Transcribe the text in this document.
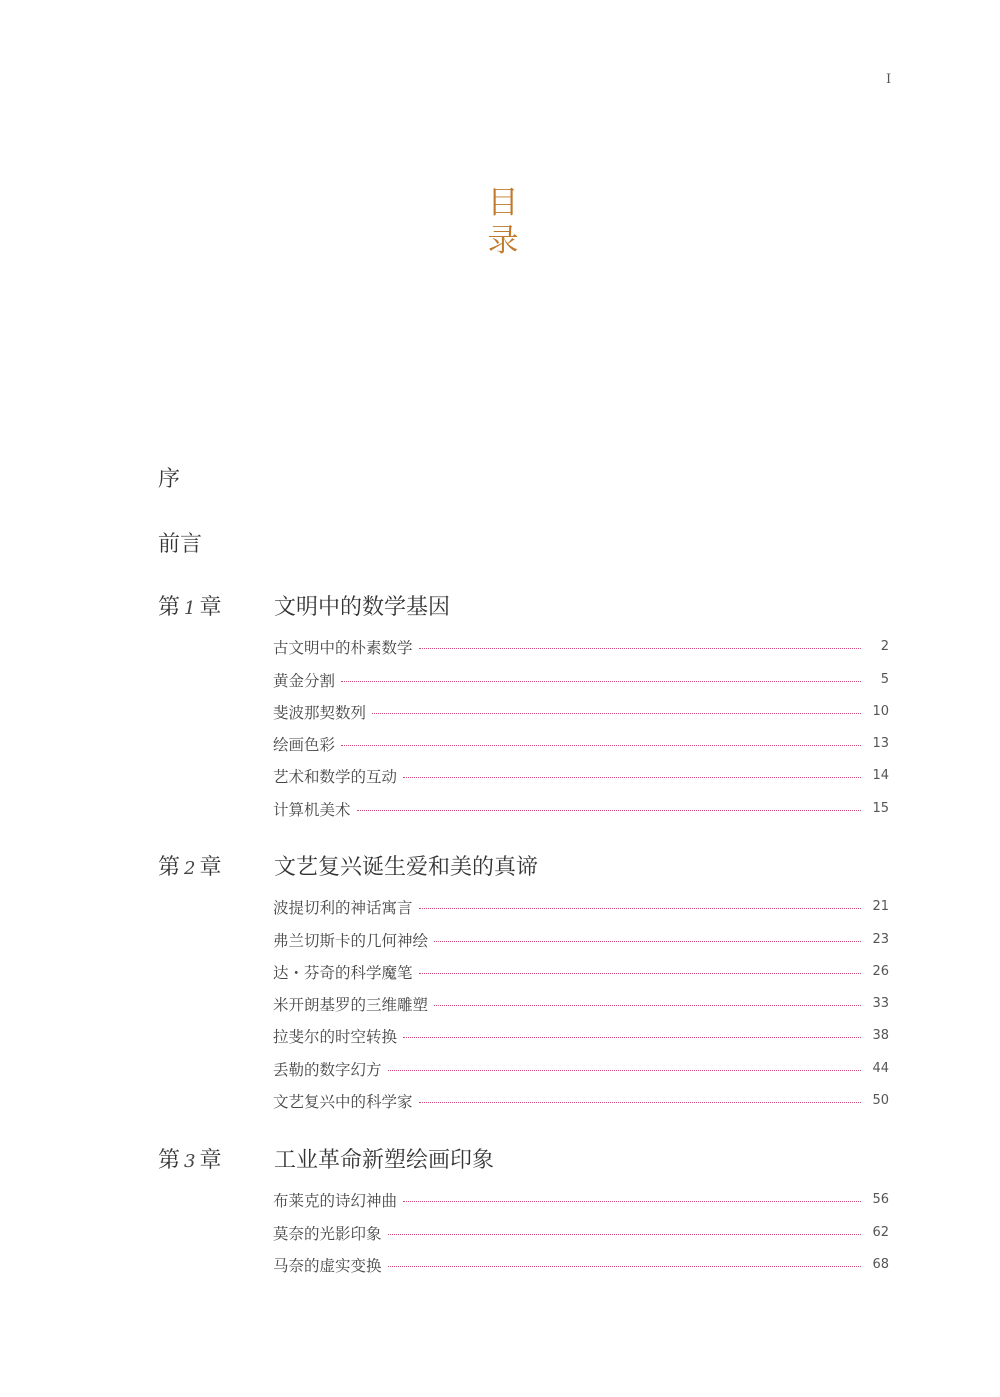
I
目
录
序
前言
第 1 章 文明中的数学基因
古文明中的朴素数学	2
黄金分割	5
斐波那契数列	10
绘画色彩	13
艺术和数学的互动	14
计算机美术	15
第 2 章 文艺复兴诞生爱和美的真谛
波提切利的神话寓言	21
弗兰切斯卡的几何神绘	23
达・芬奇的科学魔笔	26
米开朗基罗的三维雕塑	33
拉斐尔的时空转换	38
丢勒的数字幻方	44
文艺复兴中的科学家	50
第 3 章 工业革命新塑绘画印象
布莱克的诗幻神曲	56
莫奈的光影印象	62
马奈的虚实变换	68
